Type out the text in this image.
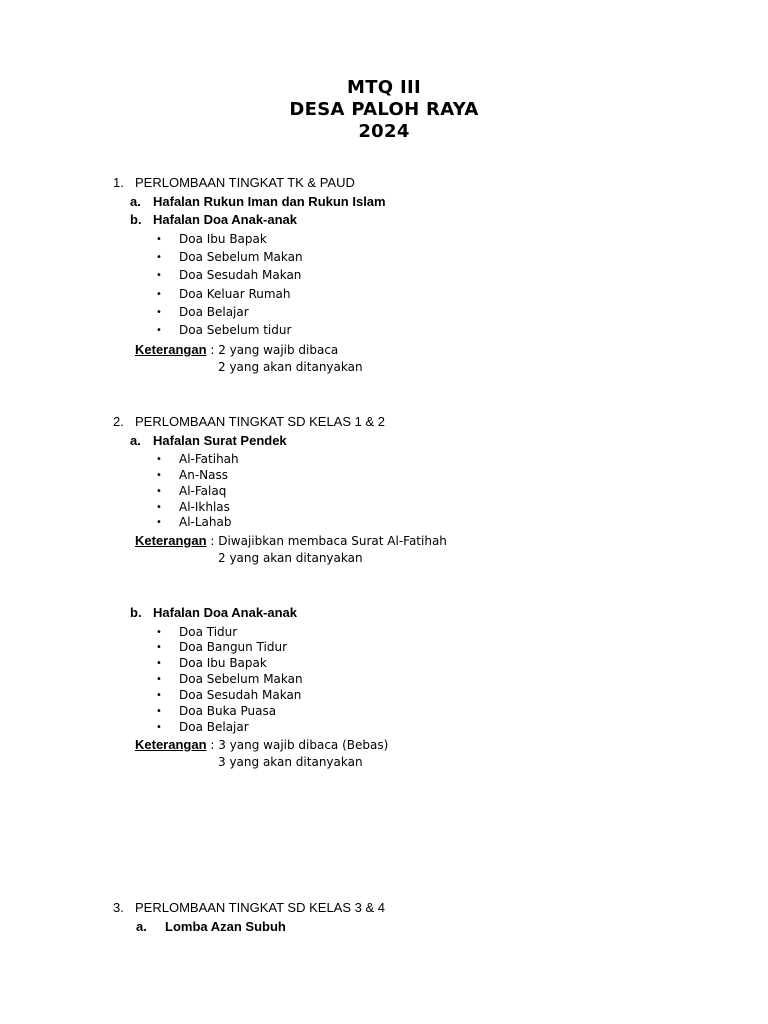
MTQ III
DESA PALOH RAYA
2024
1. PERLOMBAAN TINGKAT TK & PAUD
a. Hafalan Rukun Iman dan Rukun Islam
b. Hafalan Doa Anak-anak
• Doa Ibu Bapak
• Doa Sebelum Makan
• Doa Sesudah Makan
• Doa Keluar Rumah
• Doa Belajar
• Doa Sebelum tidur
Keterangan : 2 yang wajib dibaca
2 yang akan ditanyakan
2. PERLOMBAAN TINGKAT SD KELAS 1 & 2
a. Hafalan Surat Pendek
• Al-Fatihah
• An-Nass
• Al-Falaq
• Al-Ikhlas
• Al-Lahab
Keterangan : Diwajibkan membaca Surat Al-Fatihah
2 yang akan ditanyakan
b. Hafalan Doa Anak-anak
• Doa Tidur
• Doa Bangun Tidur
• Doa Ibu Bapak
• Doa Sebelum Makan
• Doa Sesudah Makan
• Doa Buka Puasa
• Doa Belajar
Keterangan : 3 yang wajib dibaca (Bebas)
3 yang akan ditanyakan
3. PERLOMBAAN TINGKAT SD KELAS 3 & 4
a. Lomba Azan Subuh
